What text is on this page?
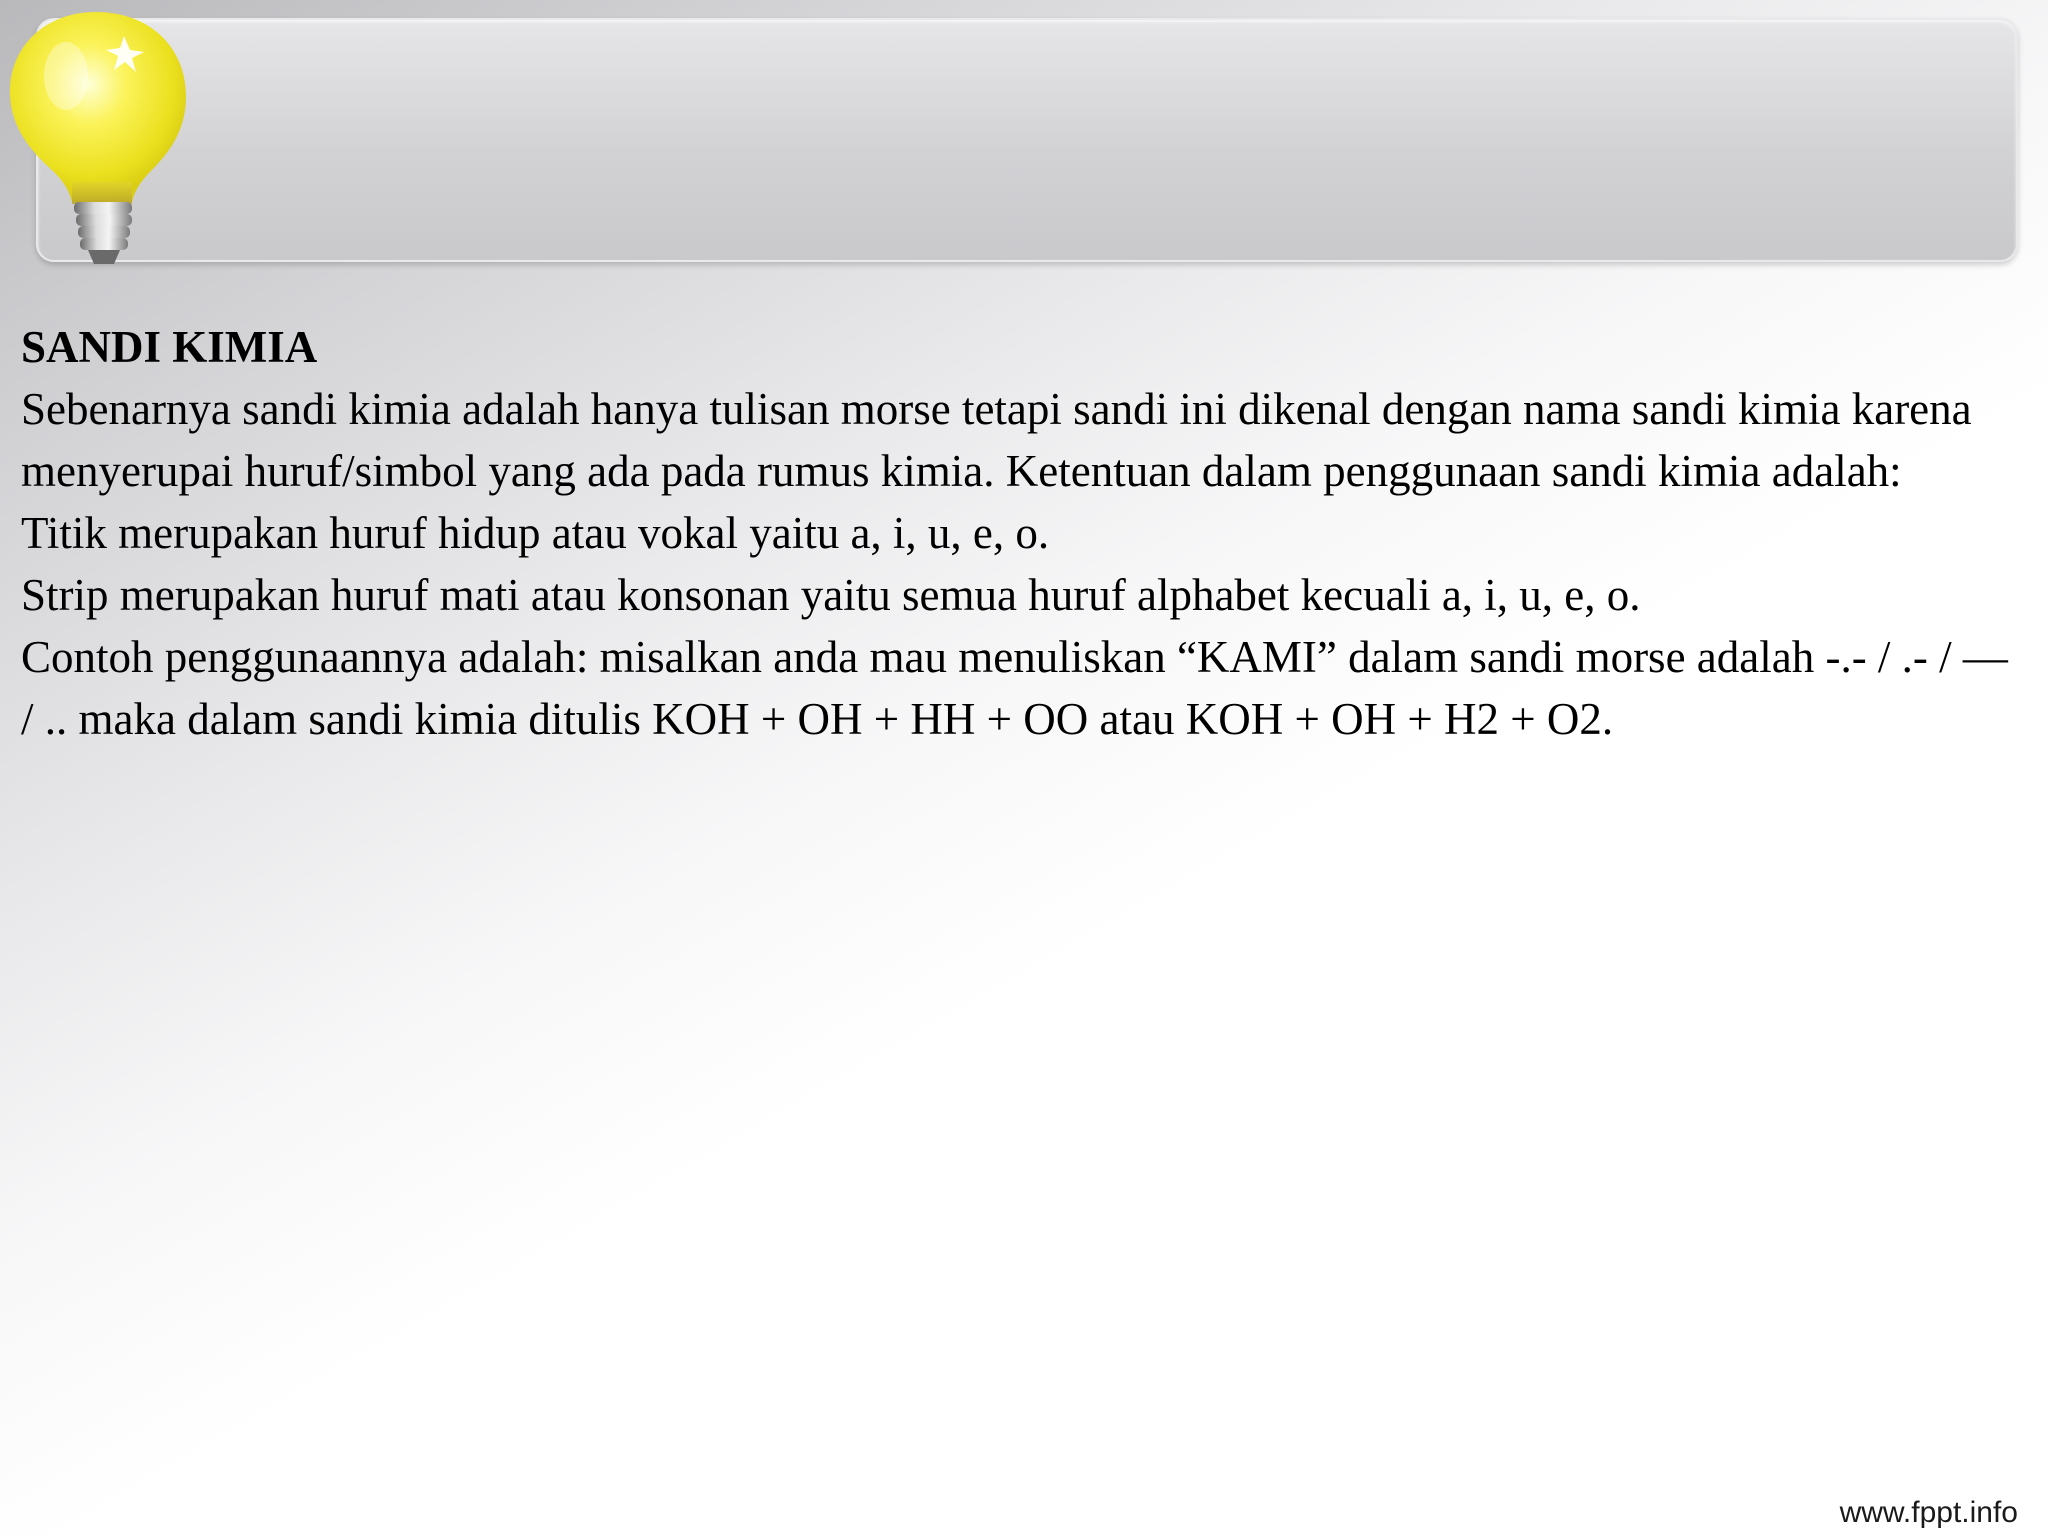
SANDI KIMIA

Sebenarnya sandi kimia adalah hanya tulisan morse tetapi sandi ini dikenal dengan nama sandi kimia karena menyerupai huruf/simbol yang ada pada rumus kimia. Ketentuan dalam penggunaan sandi kimia adalah:

Titik merupakan huruf hidup atau vokal yaitu a, i, u, e, o.

Strip merupakan huruf mati atau konsonan yaitu semua huruf alphabet kecuali a, i, u, e, o.

Contoh penggunaannya adalah: misalkan anda mau menuliskan “KAMI” dalam sandi morse adalah -.- / .- / — / .. maka dalam sandi kimia ditulis KOH + OH + HH + OO atau KOH + OH + H2 + O2.

www.fppt.info
